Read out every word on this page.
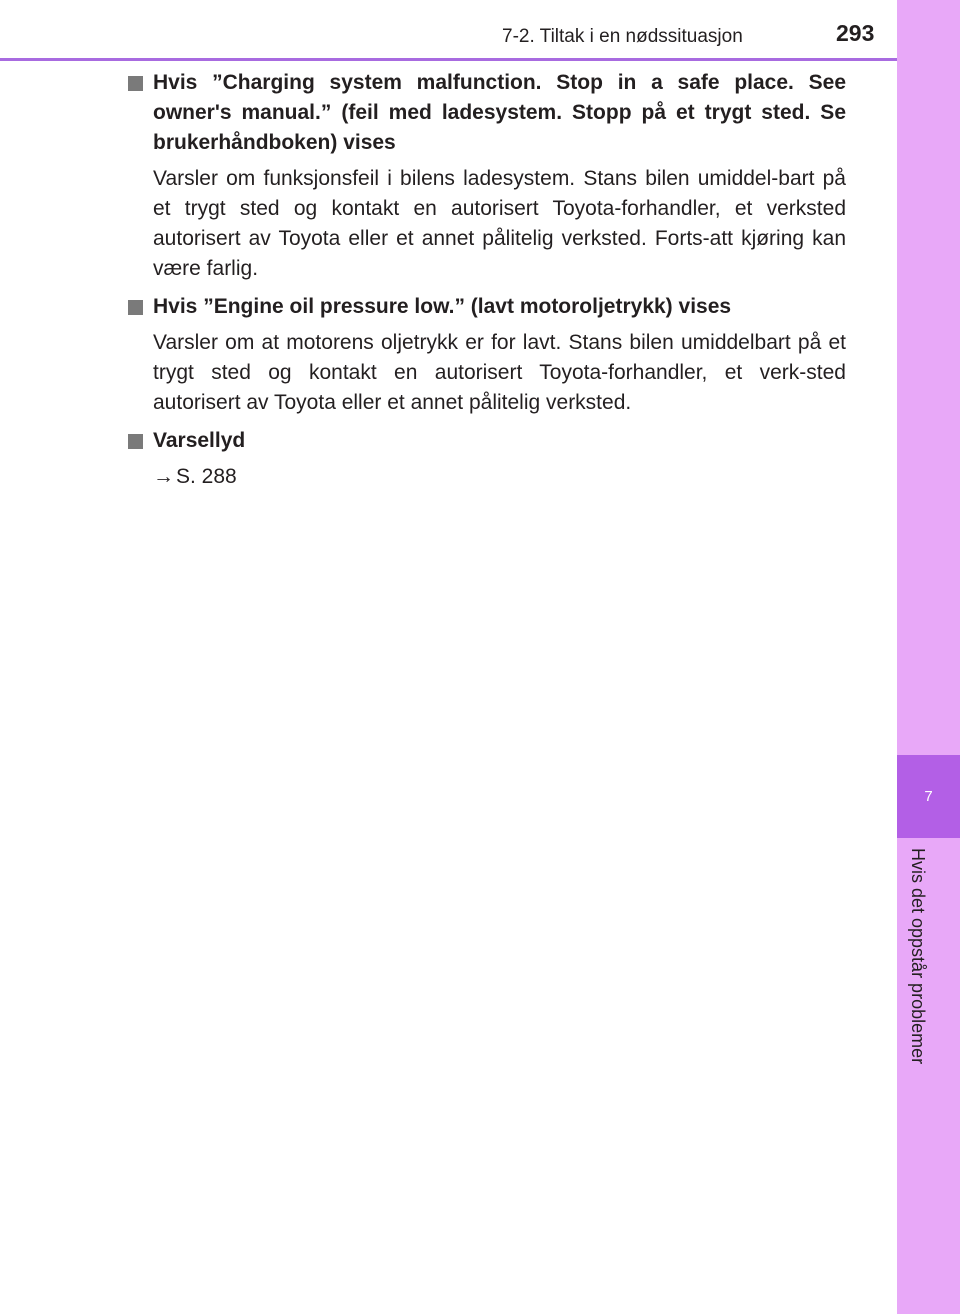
7-2. Tiltak i en nødssituasjon	293
7
Hvis det oppstår problemer

Hvis ”Charging system malfunction. Stop in a safe place. See owner's manual.” (feil med ladesystem. Stopp på et trygt sted. Se brukerhåndboken) vises

Varsler om funksjonsfeil i bilens ladesystem. Stans bilen umiddel-bart på et trygt sted og kontakt en autorisert Toyota-forhandler, et verksted autorisert av Toyota eller et annet pålitelig verksted. Forts-att kjøring kan være farlig.

Hvis ”Engine oil pressure low.” (lavt motoroljetrykk) vises

Varsler om at motorens oljetrykk er for lavt. Stans bilen umiddelbart på et trygt sted og kontakt en autorisert Toyota-forhandler, et verk-sted autorisert av Toyota eller et annet pålitelig verksted.

Varsellyd

→S. 288
